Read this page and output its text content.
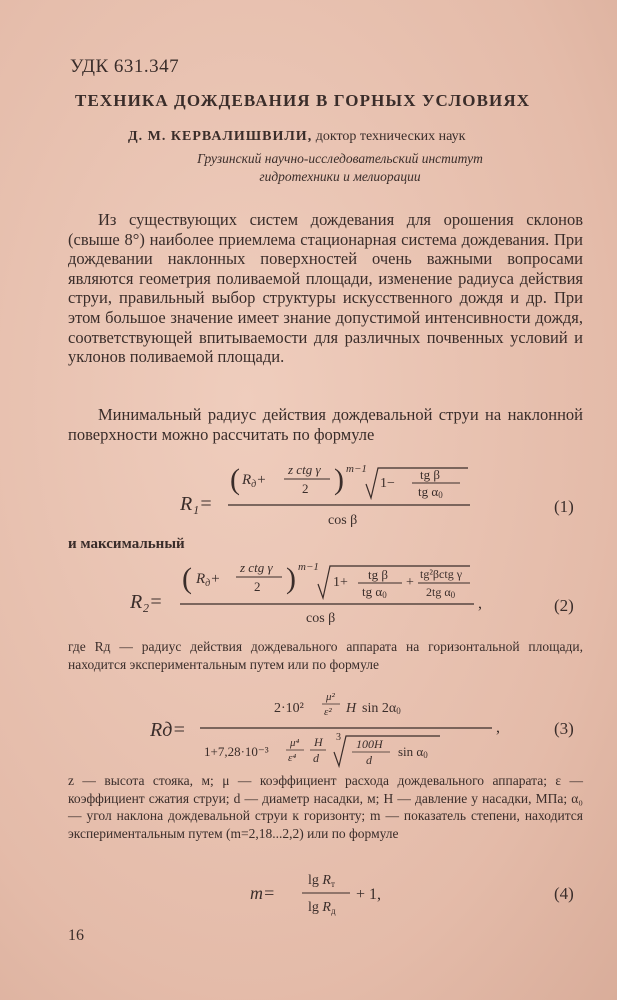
УДК 631.347
ТЕХНИКА ДОЖДЕВАНИЯ В ГОРНЫХ УСЛОВИЯХ
Д. М. КЕРВАЛИШВИЛИ, доктор технических наук
Грузинский научно-исследовательский институт
гидротехники и мелиорации
Из существующих систем дождевания для орошения склонов (свыше 8°) наиболее приемлема стационарная система дождевания. При дождевании наклонных поверхностей очень важными вопросами являются геометрия поливаемой площади, изменение радиуса действия струи, правильный выбор структуры искусственного дождя и др. При этом большое значение имеет знание допустимой интенсивности дождя, соответствующей впитываемости для различных почвенных условий и уклонов поливаемой площади.
Минимальный радиус действия дождевальной струи на наклонной поверхности можно рассчитать по формуле
R₁=
( $R_д+$
z ctg γ
2 ) m−1
1−
tg β
tg α0
cos β
(1)
и максимальный
R₂=
( $R_д+$
z ctg γ
2 ) m−1
1+
tg β
tg α0
+
tg²βctg γ
2tg α0 ,
cos β
(2)
где Rд — радиус действия дождевального аппарата на горизонтальной площади, находится экспериментальным путем или по формуле
Rд=
2·10²
μ²
ε² H sin 2α0
,
1+7,28·10⁻³
μ⁴
ε⁴
H
d
3 100H
d
sin α0
(3)
z — высота стояка, м; μ — коэффициент расхода дождевального аппарата; ε — коэффициент сжатия струи; d — диаметр насадки, м; H — давление у насадки, МПа; α₀ — угол наклона дождевальной струи к горизонту; m — показатель степени, находится экспериментальным путем (m=2,18...2,2) или по формуле
m=
$\lg R_т$
$\lg R_д$
+ 1,	(4)
16
